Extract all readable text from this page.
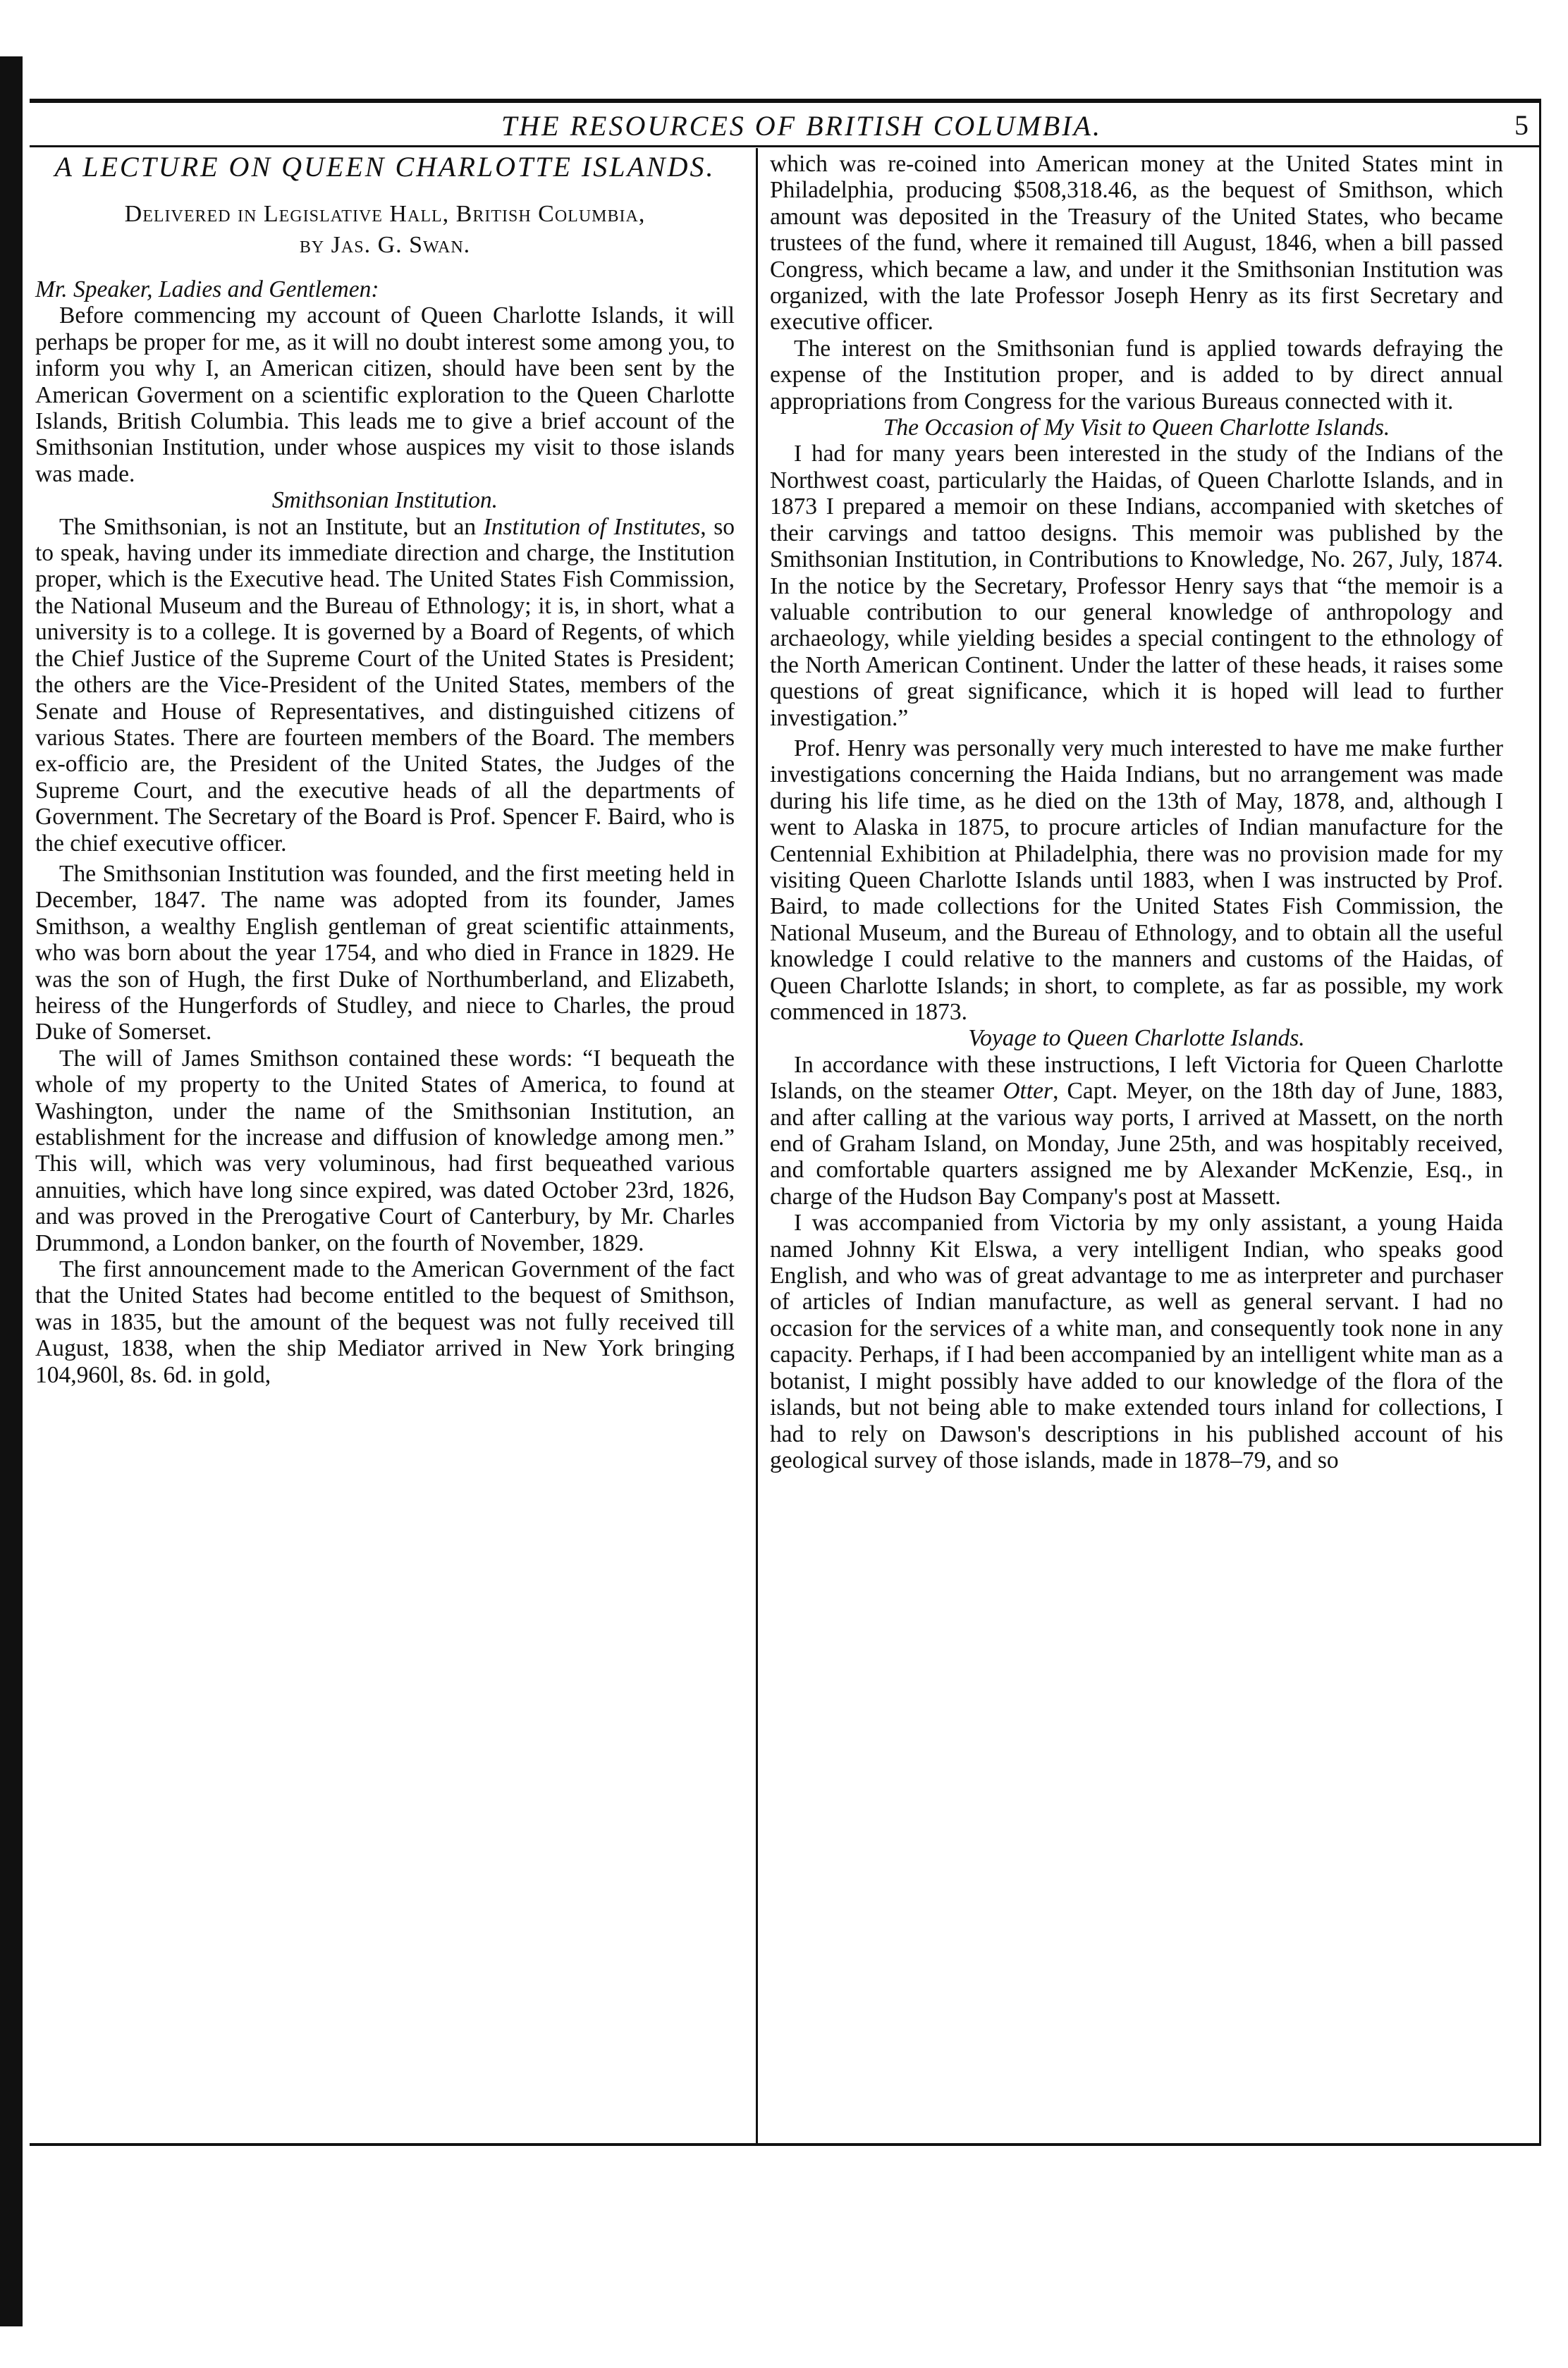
THE RESOURCES OF BRITISH COLUMBIA.	5
A LECTURE ON QUEEN CHARLOTTE ISLANDS.
Delivered in Legislative Hall, British Columbia,
by Jas. G. Swan.

Mr. Speaker, Ladies and Gentlemen:

Before commencing my account of Queen Charlotte Islands, it will perhaps be proper for me, as it will no doubt interest some among you, to inform you why I, an American citizen, should have been sent by the American Goverment on a scientific exploration to the Queen Charlotte Islands, British Columbia. This leads me to give a brief account of the Smithsonian Institution, under whose auspices my visit to those islands was made.

Smithsonian Institution.

The Smithsonian, is not an Institute, but an Institution of Institutes, so to speak, having under its immediate direction and charge, the Institution proper, which is the Executive head. The United States Fish Commission, the National Museum and the Bureau of Ethnology; it is, in short, what a university is to a college. It is governed by a Board of Regents, of which the Chief Justice of the Supreme Court of the United States is President; the others are the Vice-President of the United States, members of the Senate and House of Representatives, and distinguished citizens of various States. There are fourteen members of the Board. The members ex-officio are, the President of the United States, the Judges of the Supreme Court, and the executive heads of all the departments of Government. The Secretary of the Board is Prof. Spencer F. Baird, who is the chief executive officer.

The Smithsonian Institution was founded, and the first meeting held in December, 1847. The name was adopted from its founder, James Smithson, a wealthy English gentleman of great scientific attainments, who was born about the year 1754, and who died in France in 1829. He was the son of Hugh, the first Duke of Northumberland, and Elizabeth, heiress of the Hungerfords of Studley, and niece to Charles, the proud Duke of Somerset.

The will of James Smithson contained these words: “I bequeath the whole of my property to the United States of America, to found at Washington, under the name of the Smithsonian Institution, an establishment for the increase and diffusion of knowledge among men.” This will, which was very voluminous, had first bequeathed various annuities, which have long since expired, was dated October 23rd, 1826, and was proved in the Prerogative Court of Canterbury, by Mr. Charles Drummond, a London banker, on the fourth of November, 1829.

The first announcement made to the American Government of the fact that the United States had become entitled to the bequest of Smithson, was in 1835, but the amount of the bequest was not fully received till August, 1838, when the ship Mediator arrived in New York bringing 104,960l, 8s. 6d. in gold,

which was re-coined into American money at the United States mint in Philadelphia, producing $508,318.46, as the bequest of Smithson, which amount was deposited in the Treasury of the United States, who became trustees of the fund, where it remained till August, 1846, when a bill passed Congress, which became a law, and under it the Smithsonian Institution was organized, with the late Professor Joseph Henry as its first Secretary and executive officer.

The interest on the Smithsonian fund is applied towards defraying the expense of the Institution proper, and is added to by direct annual appropriations from Congress for the various Bureaus connected with it.

The Occasion of My Visit to Queen Charlotte Islands.

I had for many years been interested in the study of the Indians of the Northwest coast, particularly the Haidas, of Queen Charlotte Islands, and in 1873 I prepared a memoir on these Indians, accompanied with sketches of their carvings and tattoo designs. This memoir was published by the Smithsonian Institution, in Contributions to Knowledge, No. 267, July, 1874. In the notice by the Secretary, Professor Henry says that “the memoir is a valuable contribution to our general knowledge of anthropology and archaeology, while yielding besides a special contingent to the ethnology of the North American Continent. Under the latter of these heads, it raises some questions of great significance, which it is hoped will lead to further investigation.”

Prof. Henry was personally very much interested to have me make further investigations concerning the Haida Indians, but no arrangement was made during his life time, as he died on the 13th of May, 1878, and, although I went to Alaska in 1875, to procure articles of Indian manufacture for the Centennial Exhibition at Philadelphia, there was no provision made for my visiting Queen Charlotte Islands until 1883, when I was instructed by Prof. Baird, to made collections for the United States Fish Commission, the National Museum, and the Bureau of Ethnology, and to obtain all the useful knowledge I could relative to the manners and customs of the Haidas, of Queen Charlotte Islands; in short, to complete, as far as possible, my work commenced in 1873.

Voyage to Queen Charlotte Islands.

In accordance with these instructions, I left Victoria for Queen Charlotte Islands, on the steamer Otter, Capt. Meyer, on the 18th day of June, 1883, and after calling at the various way ports, I arrived at Massett, on the north end of Graham Island, on Monday, June 25th, and was hospitably received, and comfortable quarters assigned me by Alexander McKenzie, Esq., in charge of the Hudson Bay Company's post at Massett.

I was accompanied from Victoria by my only assistant, a young Haida named Johnny Kit Elswa, a very intelligent Indian, who speaks good English, and who was of great advantage to me as interpreter and purchaser of articles of Indian manufacture, as well as general servant. I had no occasion for the services of a white man, and consequently took none in any capacity. Perhaps, if I had been accompanied by an intelligent white man as a botanist, I might possibly have added to our knowledge of the flora of the islands, but not being able to make extended tours inland for collections, I had to rely on Dawson's descriptions in his published account of his geological survey of those islands, made in 1878–79, and so
